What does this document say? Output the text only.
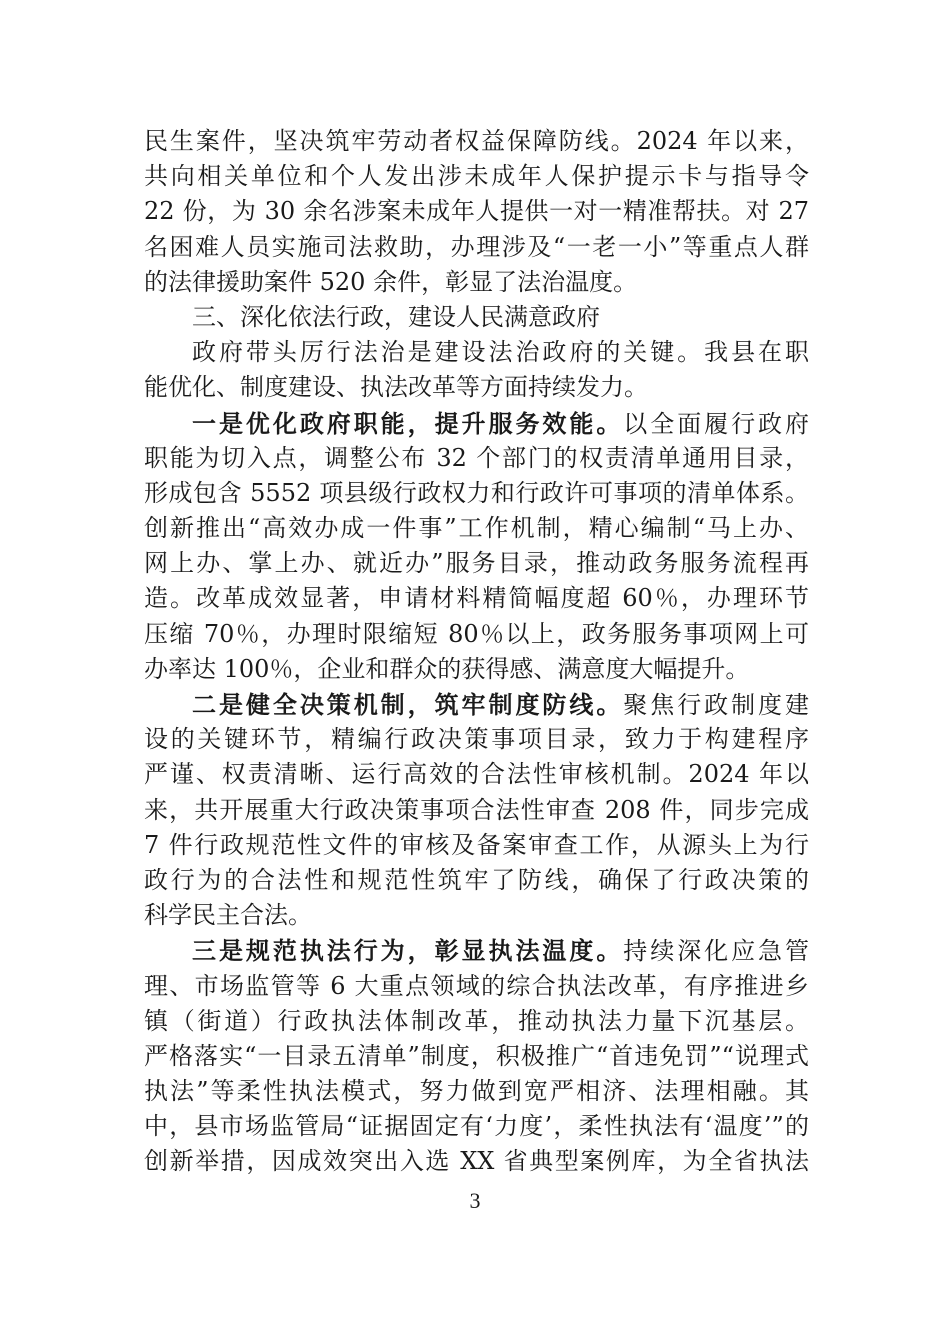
民生案件，坚决筑牢劳动者权益保障防线。2024 年以来，
共向相关单位和个人发出涉未成年人保护提示卡与指导令
22 份，为 30 余名涉案未成年人提供一对一精准帮扶。对 27
名困难人员实施司法救助，办理涉及“一老一小”等重点人群
的法律援助案件 520 余件，彰显了法治温度。
三、深化依法行政，建设人民满意政府
政府带头厉行法治是建设法治政府的关键。我县在职
能优化、制度建设、执法改革等方面持续发力。
一是优化政府职能，提升服务效能。以全面履行政府
职能为切入点，调整公布 32 个部门的权责清单通用目录，
形成包含 5552 项县级行政权力和行政许可事项的清单体系。
创新推出“高效办成一件事”工作机制，精心编制“马上办、
网上办、掌上办、就近办”服务目录，推动政务服务流程再
造。改革成效显著，申请材料精简幅度超 60％，办理环节
压缩 70％，办理时限缩短 80％以上，政务服务事项网上可
办率达 100％，企业和群众的获得感、满意度大幅提升。
二是健全决策机制，筑牢制度防线。聚焦行政制度建
设的关键环节，精编行政决策事项目录，致力于构建程序
严谨、权责清晰、运行高效的合法性审核机制。2024 年以
来，共开展重大行政决策事项合法性审查 208 件，同步完成
7 件行政规范性文件的审核及备案审查工作，从源头上为行
政行为的合法性和规范性筑牢了防线，确保了行政决策的
科学民主合法。
三是规范执法行为，彰显执法温度。持续深化应急管
理、市场监管等 6 大重点领域的综合执法改革，有序推进乡
镇（街道）行政执法体制改革，推动执法力量下沉基层。
严格落实“一目录五清单”制度，积极推广“首违免罚”“说理式
执法”等柔性执法模式，努力做到宽严相济、法理相融。其
中，县市场监管局“证据固定有‘力度’，柔性执法有‘温度’”的
创新举措，因成效突出入选 XX 省典型案例库，为全省执法
3
